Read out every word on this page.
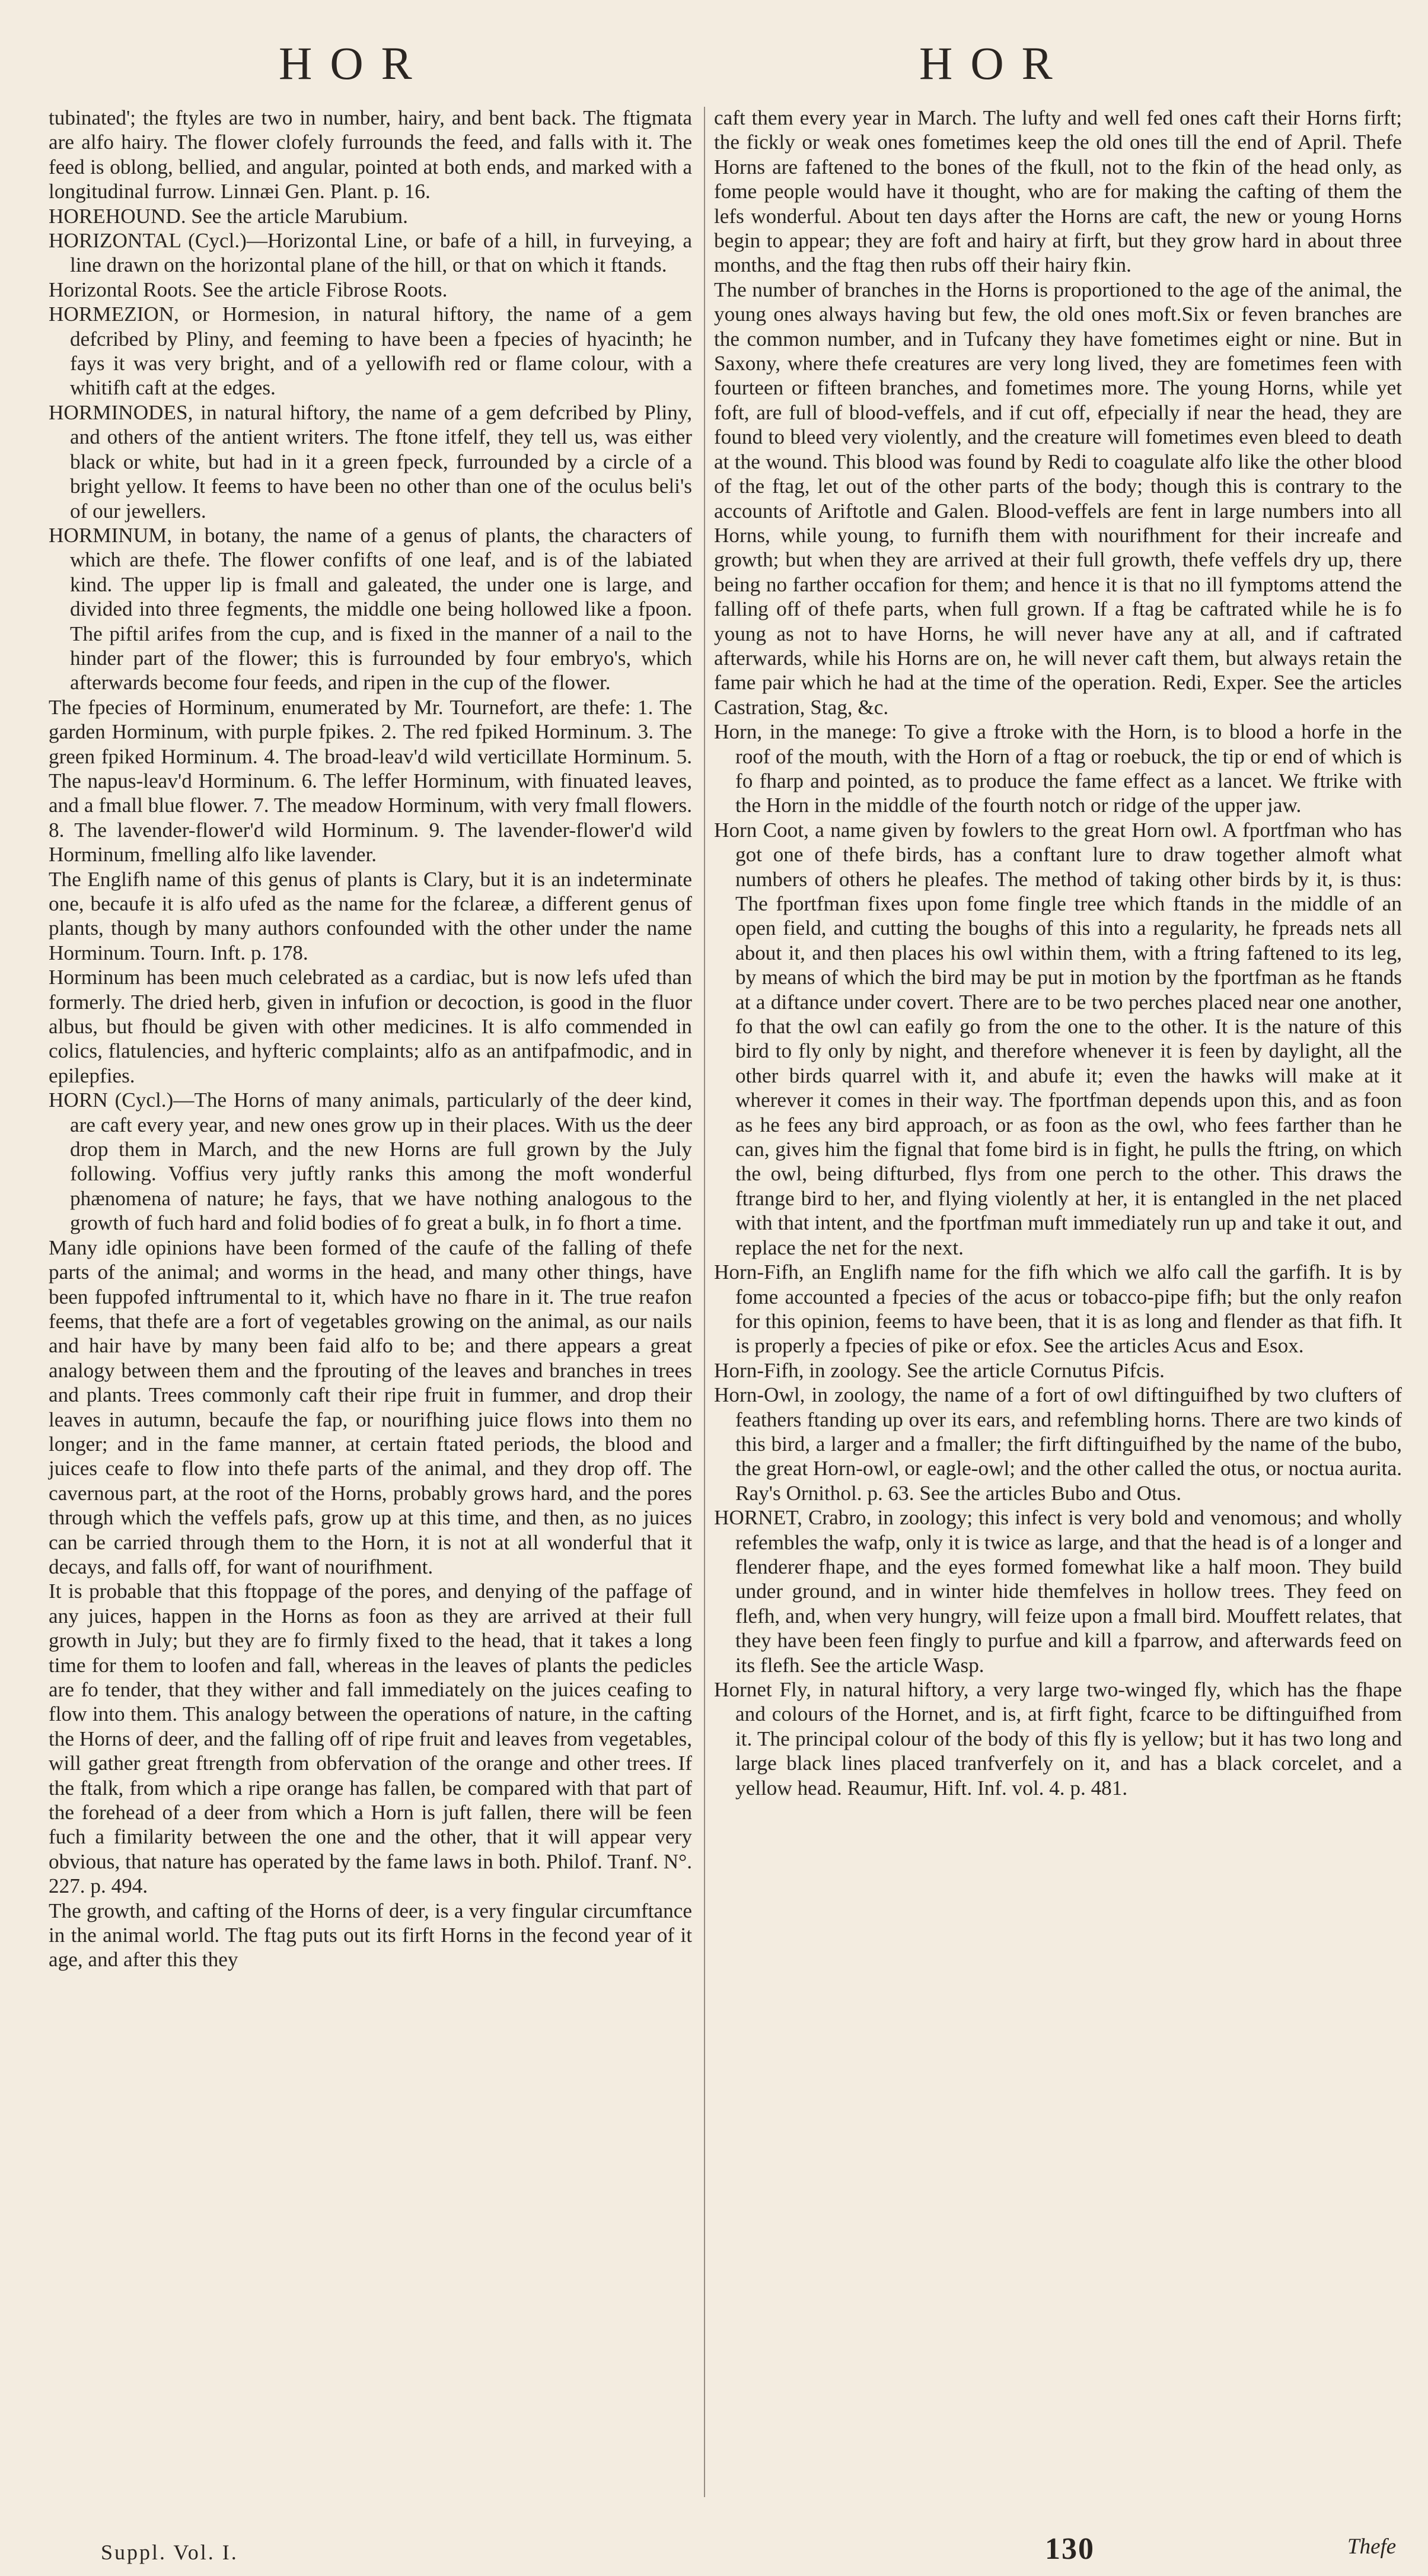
HOR	HOR

tubinated'; the ftyles are two in number, hairy, and bent back. The ftigmata are alfo hairy. The flower clofely furrounds the feed, and falls with it. The feed is oblong, bellied, and angular, pointed at both ends, and marked with a longitudinal furrow. Linnæi Gen. Plant. p. 16.

HOREHOUND. See the article Marubium.

HORIZONTAL (Cycl.)—Horizontal Line, or bafe of a hill, in furveying, a line drawn on the horizontal plane of the hill, or that on which it ftands.

Horizontal Roots. See the article Fibrose Roots.

HORMEZION, or Hormesion, in natural hiftory, the name of a gem defcribed by Pliny, and feeming to have been a fpecies of hyacinth; he fays it was very bright, and of a yellowifh red or flame colour, with a whitifh caft at the edges.

HORMINODES, in natural hiftory, the name of a gem defcribed by Pliny, and others of the antient writers. The ftone itfelf, they tell us, was either black or white, but had in it a green fpeck, furrounded by a circle of a bright yellow. It feems to have been no other than one of the oculus beli's of our jewellers.

HORMINUM, in botany, the name of a genus of plants, the characters of which are thefe. The flower confifts of one leaf, and is of the labiated kind. The upper lip is fmall and galeated, the under one is large, and divided into three fegments, the middle one being hollowed like a fpoon. The piftil arifes from the cup, and is fixed in the manner of a nail to the hinder part of the flower; this is furrounded by four embryo's, which afterwards become four feeds, and ripen in the cup of the flower.

The fpecies of Horminum, enumerated by Mr. Tournefort, are thefe: 1. The garden Horminum, with purple fpikes. 2. The red fpiked Horminum. 3. The green fpiked Horminum. 4. The broad-leav'd wild verticillate Horminum. 5. The napus-leav'd Horminum. 6. The leffer Horminum, with finuated leaves, and a fmall blue flower. 7. The meadow Horminum, with very fmall flowers. 8. The lavender-flower'd wild Horminum. 9. The lavender-flower'd wild Horminum, fmelling alfo like lavender.

The Englifh name of this genus of plants is Clary, but it is an indeterminate one, becaufe it is alfo ufed as the name for the fclareæ, a different genus of plants, though by many authors confounded with the other under the name Horminum. Tourn. Inft. p. 178.

Horminum has been much celebrated as a cardiac, but is now lefs ufed than formerly. The dried herb, given in infufion or decoction, is good in the fluor albus, but fhould be given with other medicines. It is alfo commended in colics, flatulencies, and hyfteric complaints; alfo as an antifpafmodic, and in epilepfies.

HORN (Cycl.)—The Horns of many animals, particularly of the deer kind, are caft every year, and new ones grow up in their places. With us the deer drop them in March, and the new Horns are full grown by the July following. Voffius very juftly ranks this among the moft wonderful phænomena of nature; he fays, that we have nothing analogous to the growth of fuch hard and folid bodies of fo great a bulk, in fo fhort a time.

Many idle opinions have been formed of the caufe of the falling of thefe parts of the animal; and worms in the head, and many other things, have been fuppofed inftrumental to it, which have no fhare in it. The true reafon feems, that thefe are a fort of vegetables growing on the animal, as our nails and hair have by many been faid alfo to be; and there appears a great analogy between them and the fprouting of the leaves and branches in trees and plants. Trees commonly caft their ripe fruit in fummer, and drop their leaves in autumn, becaufe the fap, or nourifhing juice flows into them no longer; and in the fame manner, at certain ftated periods, the blood and juices ceafe to flow into thefe parts of the animal, and they drop off. The cavernous part, at the root of the Horns, probably grows hard, and the pores through which the veffels pafs, grow up at this time, and then, as no juices can be carried through them to the Horn, it is not at all wonderful that it decays, and falls off, for want of nourifhment.

It is probable that this ftoppage of the pores, and denying of the paffage of any juices, happen in the Horns as foon as they are arrived at their full growth in July; but they are fo firmly fixed to the head, that it takes a long time for them to loofen and fall, whereas in the leaves of plants the pedicles are fo tender, that they wither and fall immediately on the juices ceafing to flow into them. This analogy between the operations of nature, in the cafting the Horns of deer, and the falling off of ripe fruit and leaves from vegetables, will gather great ftrength from obfervation of the orange and other trees. If the ftalk, from which a ripe orange has fallen, be compared with that part of the forehead of a deer from which a Horn is juft fallen, there will be feen fuch a fimilarity between the one and the other, that it will appear very obvious, that nature has operated by the fame laws in both. Philof. Tranf. N°. 227. p. 494.

The growth, and cafting of the Horns of deer, is a very fingular circumftance in the animal world. The ftag puts out its firft Horns in the fecond year of it age, and after this they

caft them every year in March. The lufty and well fed ones caft their Horns firft; the fickly or weak ones fometimes keep the old ones till the end of April. Thefe Horns are faftened to the bones of the fkull, not to the fkin of the head only, as fome people would have it thought, who are for making the cafting of them the lefs wonderful. About ten days after the Horns are caft, the new or young Horns begin to appear; they are foft and hairy at firft, but they grow hard in about three months, and the ftag then rubs off their hairy fkin.

The number of branches in the Horns is proportioned to the age of the animal, the young ones always having but few, the old ones moft.Six or feven branches are the common number, and in Tufcany they have fometimes eight or nine. But in Saxony, where thefe creatures are very long lived, they are fometimes feen with fourteen or fifteen branches, and fometimes more. The young Horns, while yet foft, are full of blood-veffels, and if cut off, efpecially if near the head, they are found to bleed very violently, and the creature will fometimes even bleed to death at the wound. This blood was found by Redi to coagulate alfo like the other blood of the ftag, let out of the other parts of the body; though this is contrary to the accounts of Ariftotle and Galen. Blood-veffels are fent in large numbers into all Horns, while young, to furnifh them with nourifhment for their increafe and growth; but when they are arrived at their full growth, thefe veffels dry up, there being no farther occafion for them; and hence it is that no ill fymptoms attend the falling off of thefe parts, when full grown. If a ftag be caftrated while he is fo young as not to have Horns, he will never have any at all, and if caftrated afterwards, while his Horns are on, he will never caft them, but always retain the fame pair which he had at the time of the operation. Redi, Exper. See the articles Castration, Stag, &c.

Horn, in the manege: To give a ftroke with the Horn, is to blood a horfe in the roof of the mouth, with the Horn of a ftag or roebuck, the tip or end of which is fo fharp and pointed, as to produce the fame effect as a lancet. We ftrike with the Horn in the middle of the fourth notch or ridge of the upper jaw.

Horn Coot, a name given by fowlers to the great Horn owl. A fportfman who has got one of thefe birds, has a conftant lure to draw together almoft what numbers of others he pleafes. The method of taking other birds by it, is thus: The fportfman fixes upon fome fingle tree which ftands in the middle of an open field, and cutting the boughs of this into a regularity, he fpreads nets all about it, and then places his owl within them, with a ftring faftened to its leg, by means of which the bird may be put in motion by the fportfman as he ftands at a diftance under covert. There are to be two perches placed near one another, fo that the owl can eafily go from the one to the other. It is the nature of this bird to fly only by night, and therefore whenever it is feen by daylight, all the other birds quarrel with it, and abufe it; even the hawks will make at it wherever it comes in their way. The fportfman depends upon this, and as foon as he fees any bird approach, or as foon as the owl, who fees farther than he can, gives him the fignal that fome bird is in fight, he pulls the ftring, on which the owl, being difturbed, flys from one perch to the other. This draws the ftrange bird to her, and flying violently at her, it is entangled in the net placed with that intent, and the fportfman muft immediately run up and take it out, and replace the net for the next.

Horn-Fifh, an Englifh name for the fifh which we alfo call the garfifh. It is by fome accounted a fpecies of the acus or tobacco-pipe fifh; but the only reafon for this opinion, feems to have been, that it is as long and flender as that fifh. It is properly a fpecies of pike or efox. See the articles Acus and Esox.

Horn-Fifh, in zoology. See the article Cornutus Pifcis.

Horn-Owl, in zoology, the name of a fort of owl diftinguifhed by two clufters of feathers ftanding up over its ears, and refembling horns. There are two kinds of this bird, a larger and a fmaller; the firft diftinguifhed by the name of the bubo, the great Horn-owl, or eagle-owl; and the other called the otus, or noctua aurita. Ray's Ornithol. p. 63. See the articles Bubo and Otus.

HORNET, Crabro, in zoology; this infect is very bold and venomous; and wholly refembles the wafp, only it is twice as large, and that the head is of a longer and flenderer fhape, and the eyes formed fomewhat like a half moon. They build under ground, and in winter hide themfelves in hollow trees. They feed on flefh, and, when very hungry, will feize upon a fmall bird. Mouffett relates, that they have been feen fingly to purfue and kill a fparrow, and afterwards feed on its flefh. See the article Wasp.

Hornet Fly, in natural hiftory, a very large two-winged fly, which has the fhape and colours of the Hornet, and is, at firft fight, fcarce to be diftinguifhed from it. The principal colour of the body of this fly is yellow; but it has two long and large black lines placed tranfverfely on it, and has a black corcelet, and a yellow head. Reaumur, Hift. Inf. vol. 4. p. 481.

Suppl. Vol. I.	130	Thefe
